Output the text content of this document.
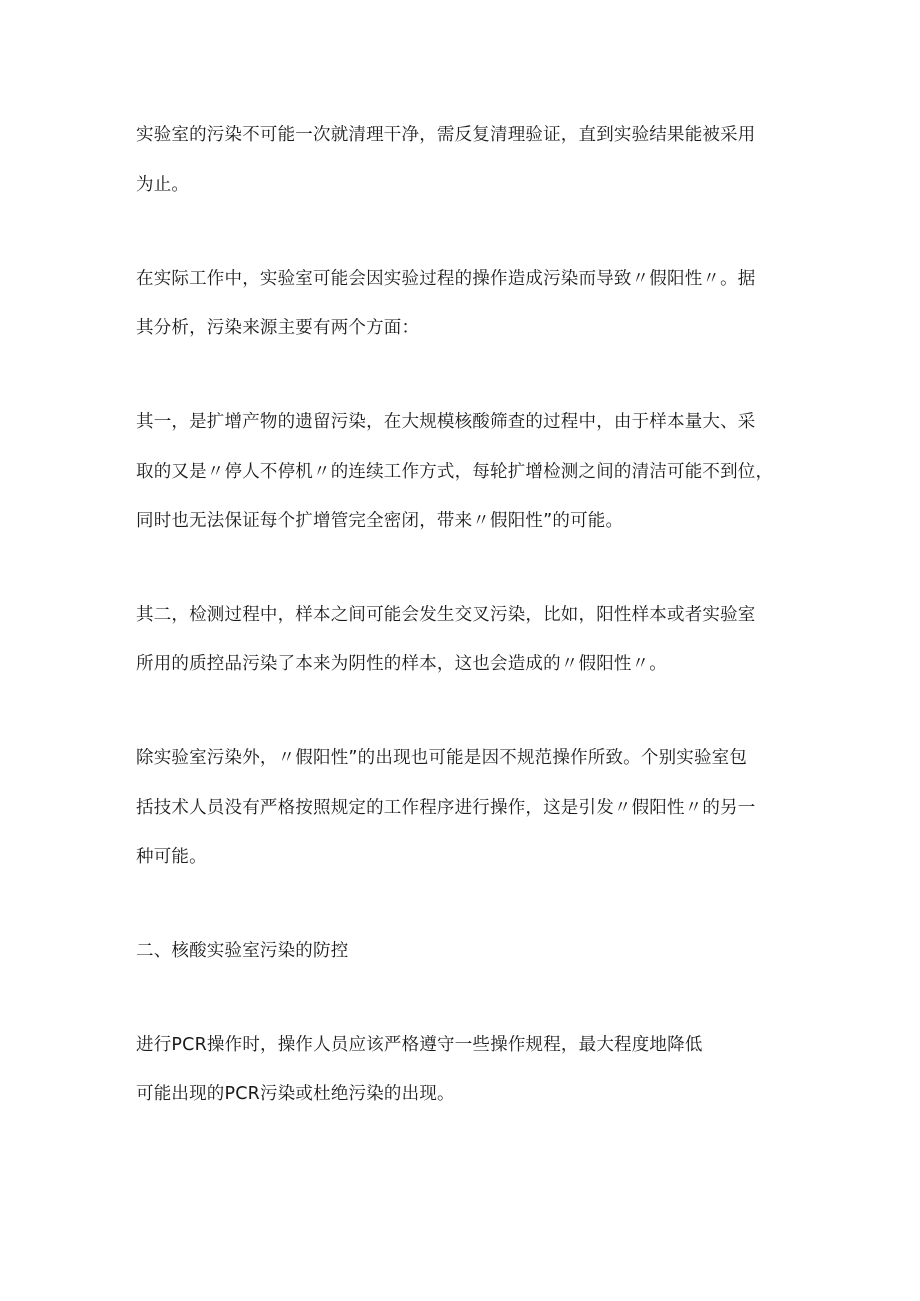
实验室的污染不可能一次就清理干净，需反复清理验证，直到实验结果能被采用

为止。

在实际工作中，实验室可能会因实验过程的操作造成污染而导致〃假阳性〃。据

其分析，污染来源主要有两个方面：

其一，是扩增产物的遗留污染，在大规模核酸筛查的过程中，由于样本量大、采

取的又是〃停人不停机〃的连续工作方式，每轮扩增检测之间的清洁可能不到位，

同时也无法保证每个扩增管完全密闭，带来〃假阳性”的可能。

其二，检测过程中，样本之间可能会发生交叉污染，比如，阳性样本或者实验室

所用的质控品污染了本来为阴性的样本，这也会造成的〃假阳性〃。

除实验室污染外，〃假阳性”的出现也可能是因不规范操作所致。个别实验室包

括技术人员没有严格按照规定的工作程序进行操作，这是引发〃假阳性〃的另一

种可能。

二、核酸实验室污染的防控

进行PCR操作时，操作人员应该严格遵守一些操作规程，最大程度地降低

可能出现的PCR污染或杜绝污染的出现。
